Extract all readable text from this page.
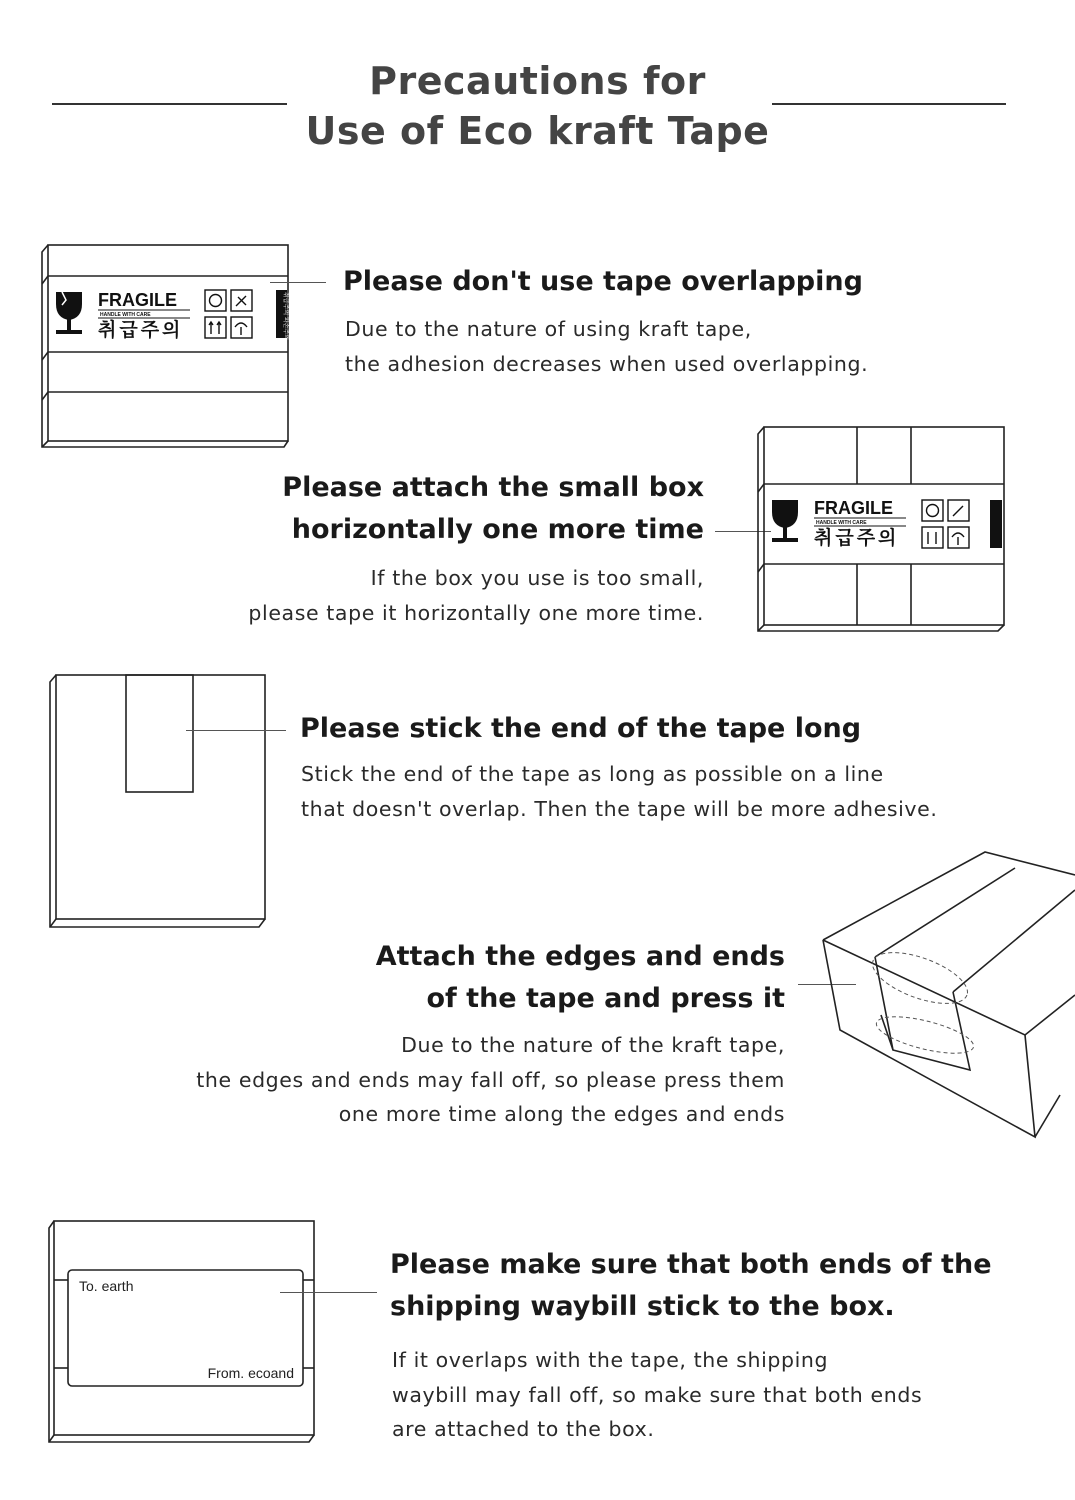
Precautions for
Use of Eco kraft Tape
FRAGILE
HANDLE WITH CARE
취급주의	취급주의 파손주의
Please don't use tape overlapping
Due to the nature of using kraft tape,
the adhesion decreases when used overlapping.
Please attach the small box
horizontally one more time
If the box you use is too small,
please tape it horizontally one more time.
FRAGILE
HANDLE WITH CARE
취급주의
Please stick the end of the tape long
Stick the end of the tape as long as possible on a line
that doesn't overlap. Then the tape will be more adhesive.
Attach the edges and ends
of the tape and press it
Due to the nature of the kraft tape,
the edges and ends may fall off, so please press them
one more time along the edges and ends
To. earth
From. ecoand
Please make sure that both ends of the
shipping waybill stick to the box.
If it overlaps with the tape, the shipping
waybill may fall off, so make sure that both ends
are attached to the box.
